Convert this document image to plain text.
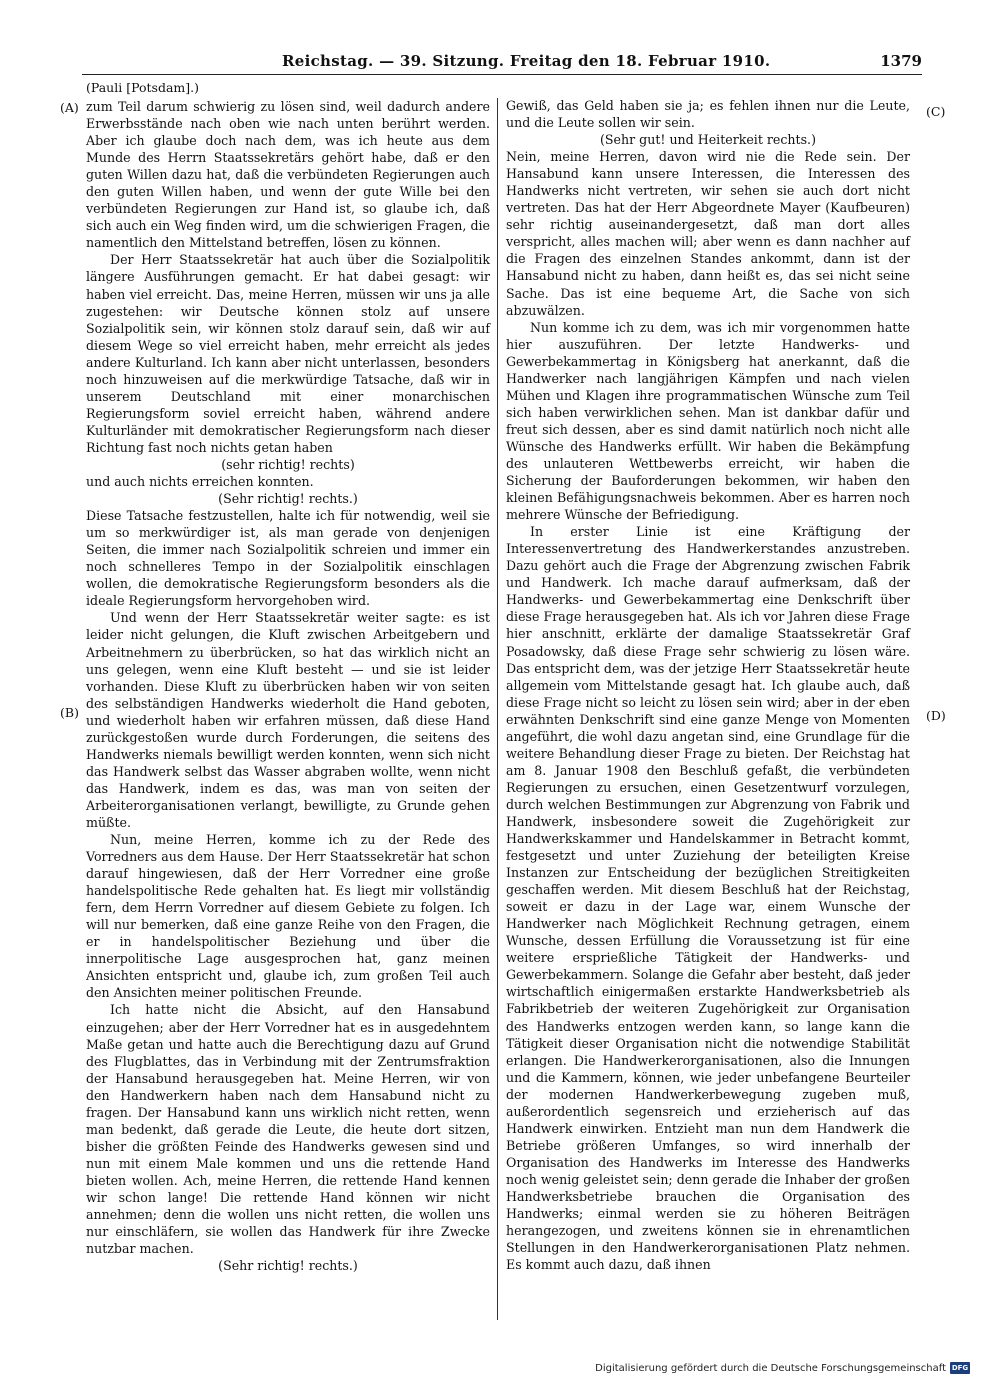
Reichstag. — 39. Sitzung. Freitag den 18. Februar 1910.	1379
(Pauli [Potsdam].)
(A)
(B)
(C)
(D)

zum Teil darum schwierig zu lösen sind, weil dadurch andere Erwerbsstände nach oben wie nach unten berührt werden. Aber ich glaube doch nach dem, was ich heute aus dem Munde des Herrn Staatssekretärs gehört habe, daß er den guten Willen dazu hat, daß die verbündeten Regierungen auch den guten Willen haben, und wenn der gute Wille bei den verbündeten Regierungen zur Hand ist, so glaube ich, daß sich auch ein Weg finden wird, um die schwierigen Fragen, die namentlich den Mittelstand betreffen, lösen zu können.

Der Herr Staatssekretär hat auch über die Sozialpolitik längere Ausführungen gemacht. Er hat dabei gesagt: wir haben viel erreicht. Das, meine Herren, müssen wir uns ja alle zugestehen: wir Deutsche können stolz auf unsere Sozialpolitik sein, wir können stolz darauf sein, daß wir auf diesem Wege so viel erreicht haben, mehr erreicht als jedes andere Kulturland. Ich kann aber nicht unterlassen, besonders noch hinzuweisen auf die merkwürdige Tatsache, daß wir in unserem Deutschland mit einer monarchischen Regierungsform soviel erreicht haben, während andere Kulturländer mit demokratischer Regierungsform nach dieser Richtung fast noch nichts getan haben

(sehr richtig! rechts)

und auch nichts erreichen konnten.

(Sehr richtig! rechts.)

Diese Tatsache festzustellen, halte ich für notwendig, weil sie um so merkwürdiger ist, als man gerade von denjenigen Seiten, die immer nach Sozialpolitik schreien und immer ein noch schnelleres Tempo in der Sozialpolitik einschlagen wollen, die demokratische Regierungsform besonders als die ideale Regierungsform hervorgehoben wird.

Und wenn der Herr Staatssekretär weiter sagte: es ist leider nicht gelungen, die Kluft zwischen Arbeitgebern und Arbeitnehmern zu überbrücken, so hat das wirklich nicht an uns gelegen, wenn eine Kluft besteht — und sie ist leider vorhanden. Diese Kluft zu überbrücken haben wir von seiten des selbständigen Handwerks wiederholt die Hand geboten, und wiederholt haben wir erfahren müssen, daß diese Hand zurückgestoßen wurde durch Forderungen, die seitens des Handwerks niemals bewilligt werden konnten, wenn sich nicht das Handwerk selbst das Wasser abgraben wollte, wenn nicht das Handwerk, indem es das, was man von seiten der Arbeiterorganisationen verlangt, bewilligte, zu Grunde gehen müßte.

Nun, meine Herren, komme ich zu der Rede des Vorredners aus dem Hause. Der Herr Staatssekretär hat schon darauf hingewiesen, daß der Herr Vorredner eine große handelspolitische Rede gehalten hat. Es liegt mir vollständig fern, dem Herrn Vorredner auf diesem Gebiete zu folgen. Ich will nur bemerken, daß eine ganze Reihe von den Fragen, die er in handelspolitischer Beziehung und über die innerpolitische Lage ausgesprochen hat, ganz meinen Ansichten entspricht und, glaube ich, zum großen Teil auch den Ansichten meiner politischen Freunde.

Ich hatte nicht die Absicht, auf den Hansabund einzugehen; aber der Herr Vorredner hat es in ausgedehntem Maße getan und hatte auch die Berechtigung dazu auf Grund des Flugblattes, das in Verbindung mit der Zentrumsfraktion der Hansabund herausgegeben hat. Meine Herren, wir von den Handwerkern haben nach dem Hansabund nicht zu fragen. Der Hansabund kann uns wirklich nicht retten, wenn man bedenkt, daß gerade die Leute, die heute dort sitzen, bisher die größten Feinde des Handwerks gewesen sind und nun mit einem Male kommen und uns die rettende Hand bieten wollen. Ach, meine Herren, die rettende Hand kennen wir schon lange! Die rettende Hand können wir nicht annehmen; denn die wollen uns nicht retten, die wollen uns nur einschläfern, sie wollen das Handwerk für ihre Zwecke nutzbar machen.

(Sehr richtig! rechts.)

Gewiß, das Geld haben sie ja; es fehlen ihnen nur die Leute, und die Leute sollen wir sein.

(Sehr gut! und Heiterkeit rechts.)

Nein, meine Herren, davon wird nie die Rede sein. Der Hansabund kann unsere Interessen, die Interessen des Handwerks nicht vertreten, wir sehen sie auch dort nicht vertreten. Das hat der Herr Abgeordnete Mayer (Kaufbeuren) sehr richtig auseinandergesetzt, daß man dort alles verspricht, alles machen will; aber wenn es dann nachher auf die Fragen des einzelnen Standes ankommt, dann ist der Hansabund nicht zu haben, dann heißt es, das sei nicht seine Sache. Das ist eine bequeme Art, die Sache von sich abzuwälzen.

Nun komme ich zu dem, was ich mir vorgenommen hatte hier auszuführen. Der letzte Handwerks- und Gewerbekammertag in Königsberg hat anerkannt, daß die Handwerker nach langjährigen Kämpfen und nach vielen Mühen und Klagen ihre programmatischen Wünsche zum Teil sich haben verwirklichen sehen. Man ist dankbar dafür und freut sich dessen, aber es sind damit natürlich noch nicht alle Wünsche des Handwerks erfüllt. Wir haben die Bekämpfung des unlauteren Wettbewerbs erreicht, wir haben die Sicherung der Bauforderungen bekommen, wir haben den kleinen Befähigungsnachweis bekommen. Aber es harren noch mehrere Wünsche der Befriedigung.

In erster Linie ist eine Kräftigung der Interessenvertretung des Handwerkerstandes anzustreben. Dazu gehört auch die Frage der Abgrenzung zwischen Fabrik und Handwerk. Ich mache darauf aufmerksam, daß der Handwerks- und Gewerbekammertag eine Denkschrift über diese Frage herausgegeben hat. Als ich vor Jahren diese Frage hier anschnitt, erklärte der damalige Staatssekretär Graf Posadowsky, daß diese Frage sehr schwierig zu lösen wäre. Das entspricht dem, was der jetzige Herr Staatssekretär heute allgemein vom Mittelstande gesagt hat. Ich glaube auch, daß diese Frage nicht so leicht zu lösen sein wird; aber in der eben erwähnten Denkschrift sind eine ganze Menge von Momenten angeführt, die wohl dazu angetan sind, eine Grundlage für die weitere Behandlung dieser Frage zu bieten. Der Reichstag hat am 8. Januar 1908 den Beschluß gefaßt, die verbündeten Regierungen zu ersuchen, einen Gesetzentwurf vorzulegen, durch welchen Bestimmungen zur Abgrenzung von Fabrik und Handwerk, insbesondere soweit die Zugehörigkeit zur Handwerkskammer und Handelskammer in Betracht kommt, festgesetzt und unter Zuziehung der beteiligten Kreise Instanzen zur Entscheidung der bezüglichen Streitigkeiten geschaffen werden. Mit diesem Beschluß hat der Reichstag, soweit er dazu in der Lage war, einem Wunsche der Handwerker nach Möglichkeit Rechnung getragen, einem Wunsche, dessen Erfüllung die Voraussetzung ist für eine weitere ersprießliche Tätigkeit der Handwerks- und Gewerbekammern. Solange die Gefahr aber besteht, daß jeder wirtschaftlich einigermaßen erstarkte Handwerksbetrieb als Fabrikbetrieb der weiteren Zugehörigkeit zur Organisation des Handwerks entzogen werden kann, so lange kann die Tätigkeit dieser Organisation nicht die notwendige Stabilität erlangen. Die Handwerkerorganisationen, also die Innungen und die Kammern, können, wie jeder unbefangene Beurteiler der modernen Handwerkerbewegung zugeben muß, außerordentlich segensreich und erzieherisch auf das Handwerk einwirken. Entzieht man nun dem Handwerk die Betriebe größeren Umfanges, so wird innerhalb der Organisation des Handwerks im Interesse des Handwerks noch wenig geleistet sein; denn gerade die Inhaber der großen Handwerksbetriebe brauchen die Organisation des Handwerks; einmal werden sie zu höheren Beiträgen herangezogen, und zweitens können sie in ehrenamtlichen Stellungen in den Handwerkerorganisationen Platz nehmen. Es kommt auch dazu, daß ihnen

Digitalisierung gefördert durch die Deutsche Forschungsgemeinschaft DFG
